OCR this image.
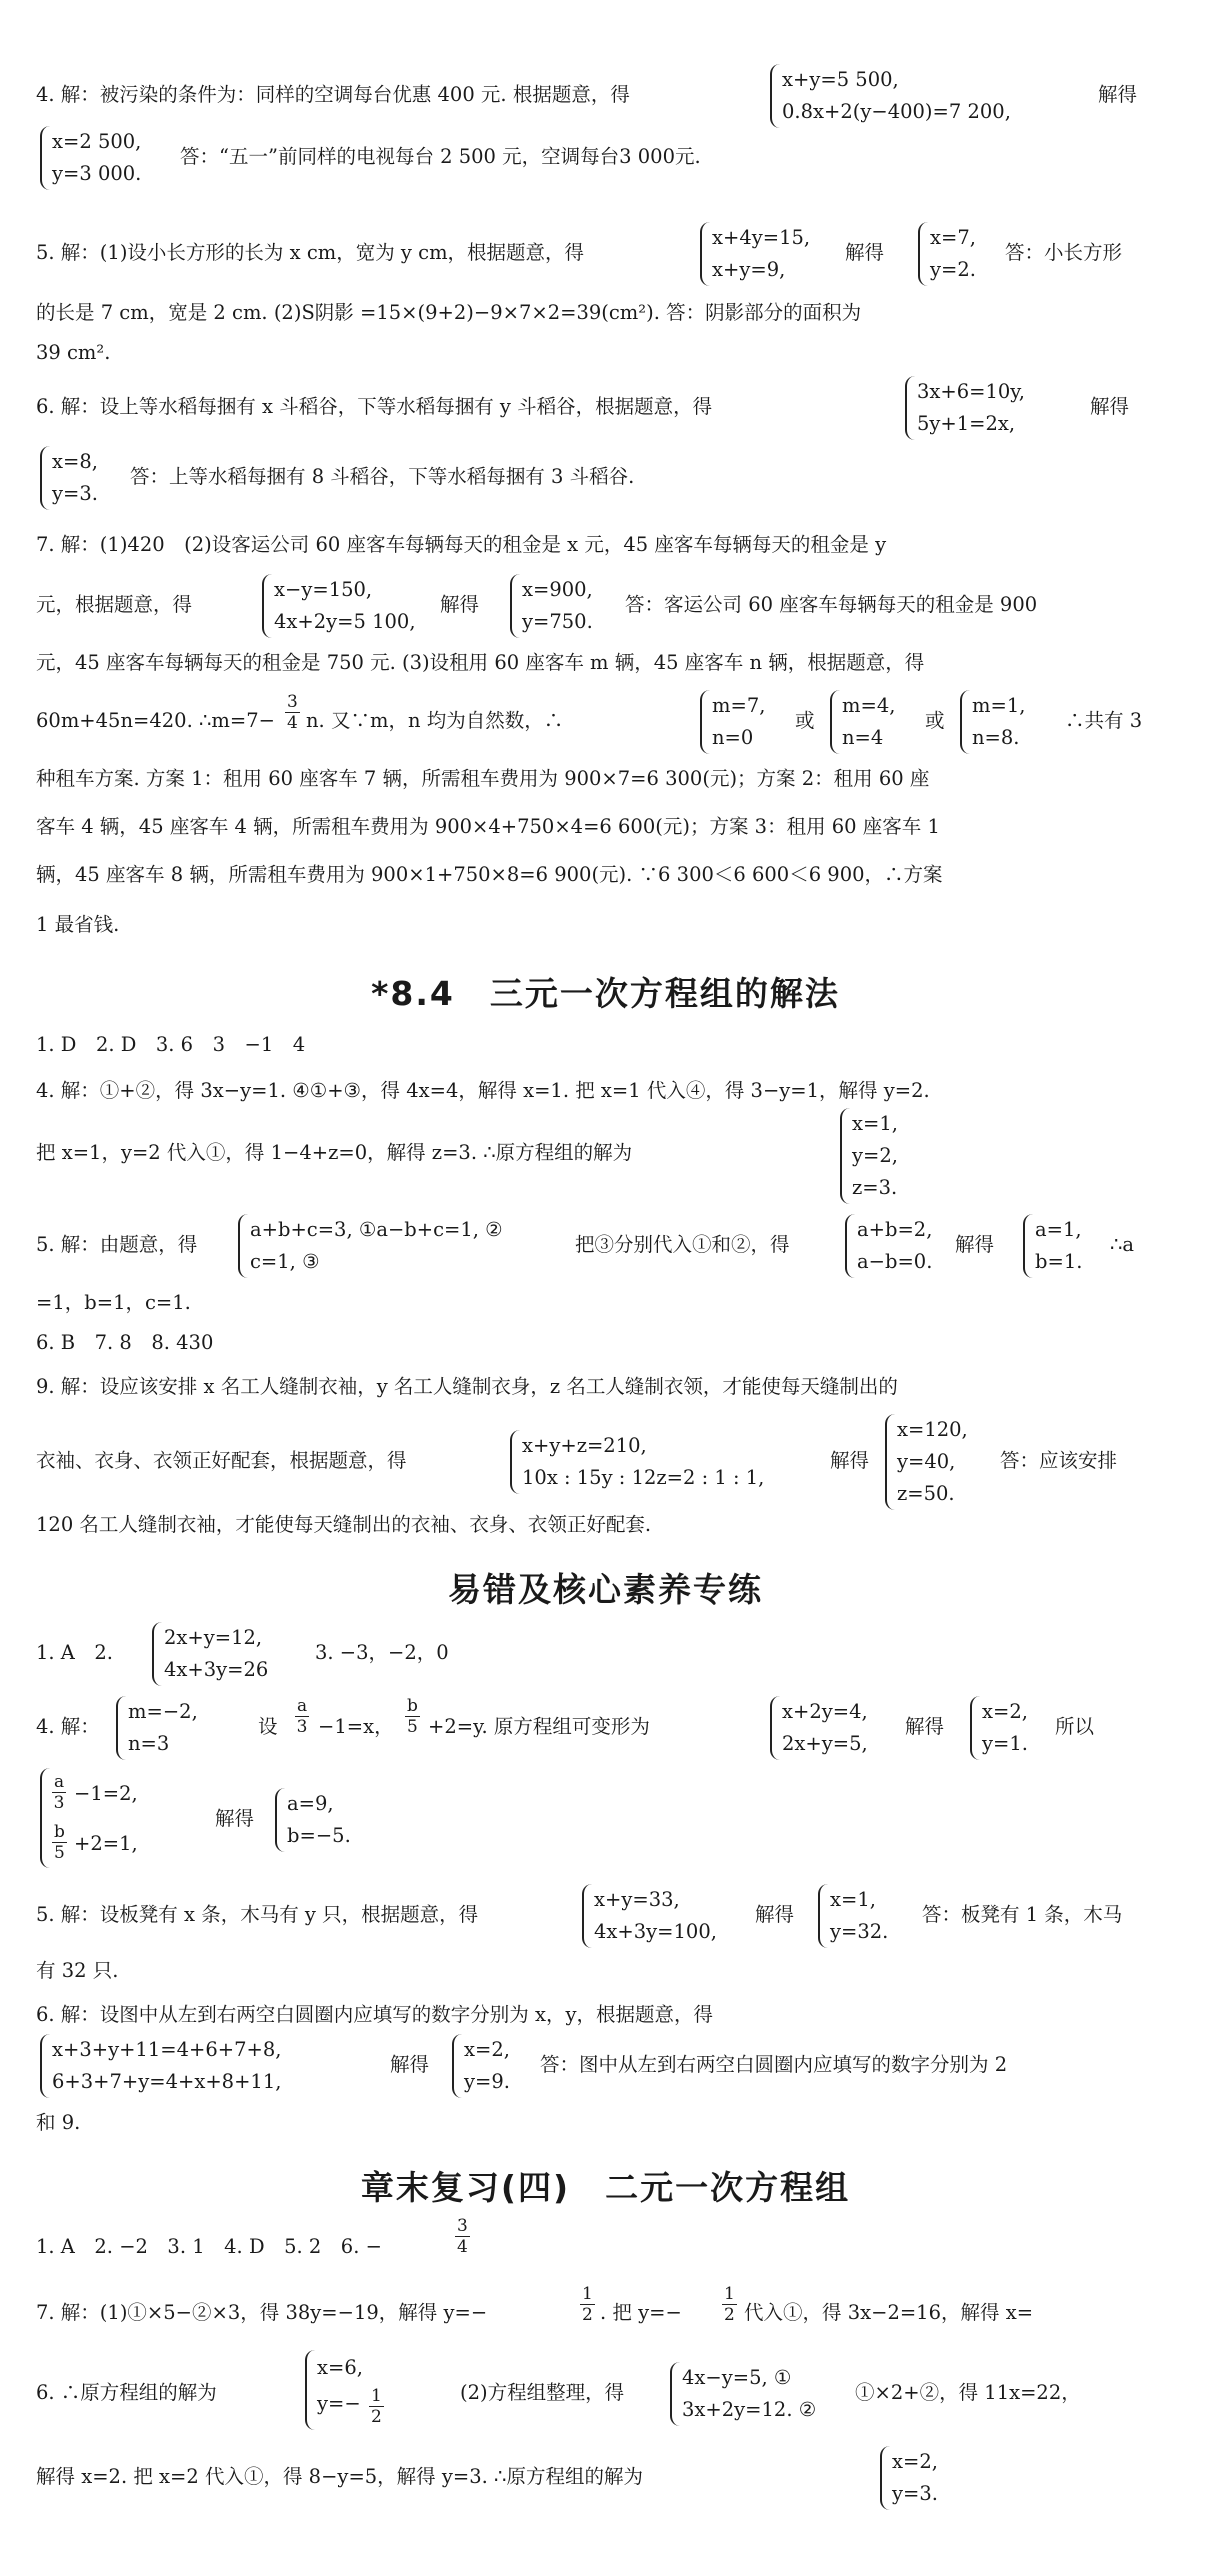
4. 解：被污染的条件为：同样的空调每台优惠 400 元. 根据题意，得
x+y=5 500,
0.8x+2(y−400)=7 200,
解得
x=2 500,
y=3 000.
答：“五一”前同样的电视每台 2 500 元，空调每台3 000元.
5. 解：(1)设小长方形的长为 x cm，宽为 y cm，根据题意，得
x+4y=15,
x+y=9,
解得
x=7,
y=2.
答：小长方形
的长是 7 cm，宽是 2 cm. (2)S阴影 =15×(9+2)−9×7×2=39(cm²). 答：阴影部分的面积为
39 cm².
6. 解：设上等水稻每捆有 x 斗稻谷，下等水稻每捆有 y 斗稻谷，根据题意，得
3x+6=10y,
5y+1=2x,
解得
x=8,
y=3.
答：上等水稻每捆有 8 斗稻谷，下等水稻每捆有 3 斗稻谷.
7. 解：(1)420　(2)设客运公司 60 座客车每辆每天的租金是 x 元，45 座客车每辆每天的租金是 y
元，根据题意，得
x−y=150,
4x+2y=5 100,
解得
x=900,
y=750.
答：客运公司 60 座客车每辆每天的租金是 900
元，45 座客车每辆每天的租金是 750 元. (3)设租用 60 座客车 m 辆，45 座客车 n 辆，根据题意，得
60m+45n=420. ∴m=7− $\frac{3}{4} n$. 又∵m，n 均为自然数，∴
m=7,
n=0
或
m=4,
n=4
或
m=1,
n=8.
∴共有 3
种租车方案. 方案 1：租用 60 座客车 7 辆，所需租车费用为 900×7=6 300(元)；方案 2：租用 60 座
客车 4 辆，45 座客车 4 辆，所需租车费用为 900×4+750×4=6 600(元)；方案 3：租用 60 座客车 1
辆，45 座客车 8 辆，所需租车费用为 900×1+750×8=6 900(元). ∵6 300＜6 600＜6 900，∴方案
1 最省钱.
*8.4　三元一次方程组的解法
1. D　2. D　3. 6　3　−1　4
4. 解：①+②，得 3x−y=1. ④①+③，得 4x=4，解得 x=1. 把 x=1 代入④，得 3−y=1，解得 y=2.
把 x=1，y=2 代入①，得 1−4+z=0，解得 z=3. ∴原方程组的解为
x=1,
y=2,
z=3.
5. 解：由题意，得
a+b+c=3, ①a−b+c=1, ②
c=1, ③
把③分别代入①和②，得
a+b=2,
a−b=0.
解得
a=1,
b=1.
∴a
=1，b=1，c=1.
6. B　7. 8　8. 430
9. 解：设应该安排 x 名工人缝制衣袖，y 名工人缝制衣身，z 名工人缝制衣领，才能使每天缝制出的
衣袖、衣身、衣领正好配套，根据题意，得
x+y+z=210,
10x : 15y : 12z=2 : 1 : 1,
解得
x=120,
y=40,
z=50.
答：应该安排
120 名工人缝制衣袖，才能使每天缝制出的衣袖、衣身、衣领正好配套.
易错及核心素养专练
1. A　2.
2x+y=12,
4x+3y=26
3. −3，−2，0
4. 解：
m=−2,
n=3
设 $\frac{a}{3} -1=x$， $\frac{b}{5} +2=y$. 原方程组可变形为
x+2y=4,
2x+y=5,
解得
x=2,
y=1.
所以
$\frac{a}{3} -1=2$,
$\frac{b}{5} +2=1$,
解得
a=9,
b=−5.
5. 解：设板凳有 x 条，木马有 y 只，根据题意，得
x+y=33,
4x+3y=100,
解得
x=1,
y=32.
答：板凳有 1 条，木马
有 32 只.
6. 解：设图中从左到右两空白圆圈内应填写的数字分别为 x，y，根据题意，得
x+3+y+11=4+6+7+8,
6+3+7+y=4+x+8+11,
解得
x=2,
y=9.
答：图中从左到右两空白圆圈内应填写的数字分别为 2
和 9.
章末复习(四)　二元一次方程组
1. A　2. −2　3. 1　4. D　5. 2　6. −	$\frac{3}{4}$
7. 解：(1)①×5−②×3，得 38y=−19，解得 y=−	$\frac{1}{2}$ . 把 $y=- \frac{1}{2}$ 代入①，得 3x−2=16，解得 x=
6. ∴原方程组的解为
x=6,
$y=- \frac{1}{2}$	(2)方程组整理，得
4x−y=5, ①
3x+2y=12. ②
①×2+②，得 11x=22，
解得 x=2. 把 x=2 代入①，得 8−y=5，解得 y=3. ∴原方程组的解为
x=2,
y=3.
